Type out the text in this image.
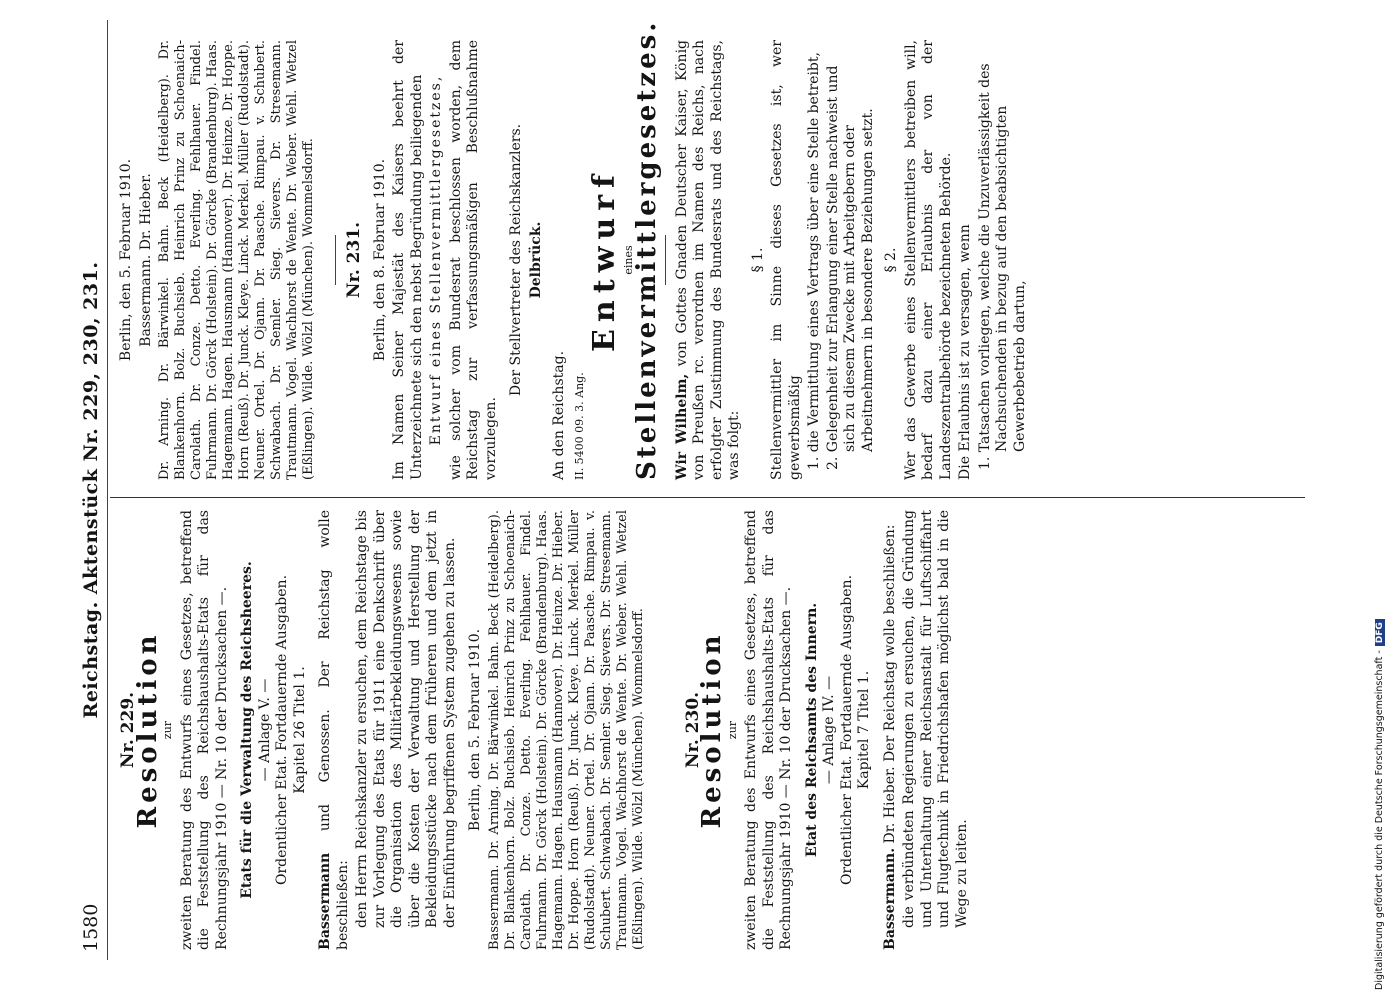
1580
Reichstag. Aktenstück Nr. 229, 230, 231.
Nr. 229.
Resolution
zur zweiten Beratung des Entwurfs eines Gesetzes, betreffend die Feststellung des Reichshaushalts-Etats für das Rechnungsjahr 1910 — Nr. 10 der Drucksachen —. Etats für die Verwaltung des Reichsheeres. — Anlage V. — Ordentlicher Etat. Fortdauernde Ausgaben. Kapitel 26 Titel 1.
Bassermann und Genossen. Der Reichstag wolle beschließen: den Herrn Reichskanzler zu ersuchen, dem Reichstage bis zur Vorlegung des Etats für 1911 eine Denkschrift über die Organisation des Militärbekleidungswesens sowie über die Kosten der Verwaltung und Herstellung der Bekleidungsstücke nach dem früheren und dem jetzt in der Einführung begriffenen System zugehen zu lassen. Berlin, den 5. Februar 1910. Bassermann. Dr. Arning. Dr. Bärwinkel. Bahn. Beck (Heidelberg). Dr. Blankenhorn. Bolz. Buchsieb. Heinrich Prinz zu Schoenaich-Carolath. Dr. Conze. Detto. Everling. Fehlhauer. Findel. Fuhrmann. Dr. Görck (Holstein). Dr. Görcke (Brandenburg). Haas. Hagemann. Hagen. Hausmann (Hannover). Dr. Heinze. Dr. Hieber. Dr. Hoppe. Horn (Reuß). Dr. Junck. Kleye. Linck. Merkel. Müller (Rudolstadt). Neuner. Ortel. Dr. Ojann. Dr. Paasche. Rimpau. v. Schubert. Schwabach. Dr. Semler. Sieg. Sievers. Dr. Stresemann. Trautmann. Vogel. Wachhorst de Wente. Dr. Weber. Wehl. Wetzel (Eßlingen). Wilde. Wölzl (München). Wommelsdorff. Nr. 230.
Resolution
zur zweiten Beratung des Entwurfs eines Gesetzes, betreffend die Feststellung des Reichshaushalts-Etats für das Rechnungsjahr 1910 — Nr. 10 der Drucksachen —. Etat des Reichsamts des Innern. — Anlage IV. — Ordentlicher Etat. Fortdauernde Ausgaben. Kapitel 7 Titel 1.
Bassermann. Dr. Hieber. Der Reichstag wolle beschließen: die verbündeten Regierungen zu ersuchen, die Gründung und Unterhaltung einer Reichsanstalt für Luftschiffahrt und Flugtechnik in Friedrichshafen möglichst bald in die Wege zu leiten.
Berlin, den 5. Februar 1910. Bassermann. Dr. Hieber. Dr. Arning. Dr. Bärwinkel. Bahn. Beck (Heidelberg). Dr. Blankenhorn. Bolz. Buchsieb. Heinrich Prinz zu Schoenaich-Carolath. Dr. Conze. Detto. Everling. Fehlhauer. Findel. Fuhrmann. Dr. Görck (Holstein). Dr. Görcke (Brandenburg). Haas. Hagemann. Hagen. Hausmann (Hannover). Dr. Heinze. Dr. Hoppe. Horn (Reuß). Dr. Junck. Kleye. Linck. Merkel. Müller (Rudolstadt). Neuner. Ortel. Dr. Ojann. Dr. Paasche. Rimpau. v. Schubert. Schwabach. Dr. Semler. Sieg. Sievers. Dr. Stresemann. Trautmann. Vogel. Wachhorst de Wente. Dr. Weber. Wehl. Wetzel (Eßlingen). Wilde. Wölzl (München). Wommelsdorff. Nr. 231. Berlin, den 8. Februar 1910. Im Namen Seiner Majestät des Kaisers beehrt der Unterzeichnete sich den nebst Begründung beiliegenden Entwurf eines Stellenvermittlergesetzes, wie solcher vom Bundesrat beschlossen worden, dem Reichstag zur verfassungsmäßigen Beschlußnahme vorzulegen.
Der Stellvertreter des Reichskanzlers. Delbrück.
An den Reichstag. II. 5400 09. 3. Ang.
Entwurf eines
Stellenvermittlergesetzes. Wir Wilhelm, von Gottes Gnaden Deutscher Kaiser, König von Preußen rc. verordnen im Namen des Reichs, nach erfolgter Zustimmung des Bundesrats und des Reichstags, was folgt:
§ 1. Stellenvermittler im Sinne dieses Gesetzes ist, wer gewerbsmäßig 1. die Vermittlung eines Vertrags über eine Stelle betreibt, 2. Gelegenheit zur Erlangung einer Stelle nachweist und sich zu diesem Zwecke mit Arbeitgebern oder Arbeitnehmern in besondere Beziehungen setzt. § 2. Wer das Gewerbe eines Stellenvermittlers betreiben will, bedarf dazu einer Erlaubnis der von der Landeszentralbehörde bezeichneten Behörde. Die Erlaubnis ist zu versagen, wenn 1. Tatsachen vorliegen, welche die Unzuverlässigkeit des Nachsuchenden in bezug auf den beabsichtigten Gewerbebetrieb dartun,
Digitalisierung gefördert durch die Deutsche Forschungsgemeinschaft -DFG
